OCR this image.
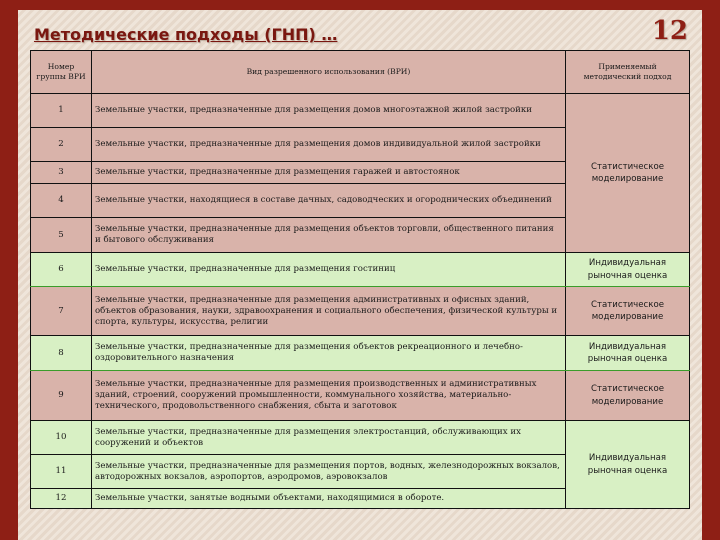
Методические подходы (ГНП) …	12
Номер группы ВРИ	Вид разрешенного использования (ВРИ)	Применяемый методический подход
1	Земельные участки, предназначенные для размещения домов многоэтажной жилой застройки	Статистическое моделирование
2	Земельные участки, предназначенные для размещения домов индивидуальной жилой застройки	
3	Земельные участки, предназначенные для размещения гаражей и автостоянок	
4	Земельные участки, находящиеся в составе дачных, садоводческих и огороднических объединений	
5	Земельные участки, предназначенные для размещения объектов торговли, общественного питания и бытового обслуживания	
6	Земельные участки, предназначенные для размещения гостиниц	Индивидуальная рыночная оценка
7	Земельные участки, предназначенные для размещения административных и офисных зданий, объектов образования, науки, здравоохранения и социального обеспечения, физической культуры и спорта, культуры, искусства, религии	Статистическое моделирование
8	Земельные участки, предназначенные для размещения объектов рекреационного и лечебно-оздоровительного назначения	Индивидуальная рыночная оценка
9	Земельные участки, предназначенные для размещения производственных и административных зданий, строений, сооружений промышленности, коммунального хозяйства, материально-технического, продовольственного снабжения, сбыта и заготовок	Статистическое моделирование
10	Земельные участки, предназначенные для размещения электростанций, обслуживающих их сооружений и объектов	Индивидуальная рыночная оценка
11	Земельные участки, предназначенные для размещения портов, водных, железнодорожных вокзалов, автодорожных вокзалов, аэропортов, аэродромов, аэровокзалов	
12	Земельные участки, занятые водными объектами, находящимися в обороте.	
